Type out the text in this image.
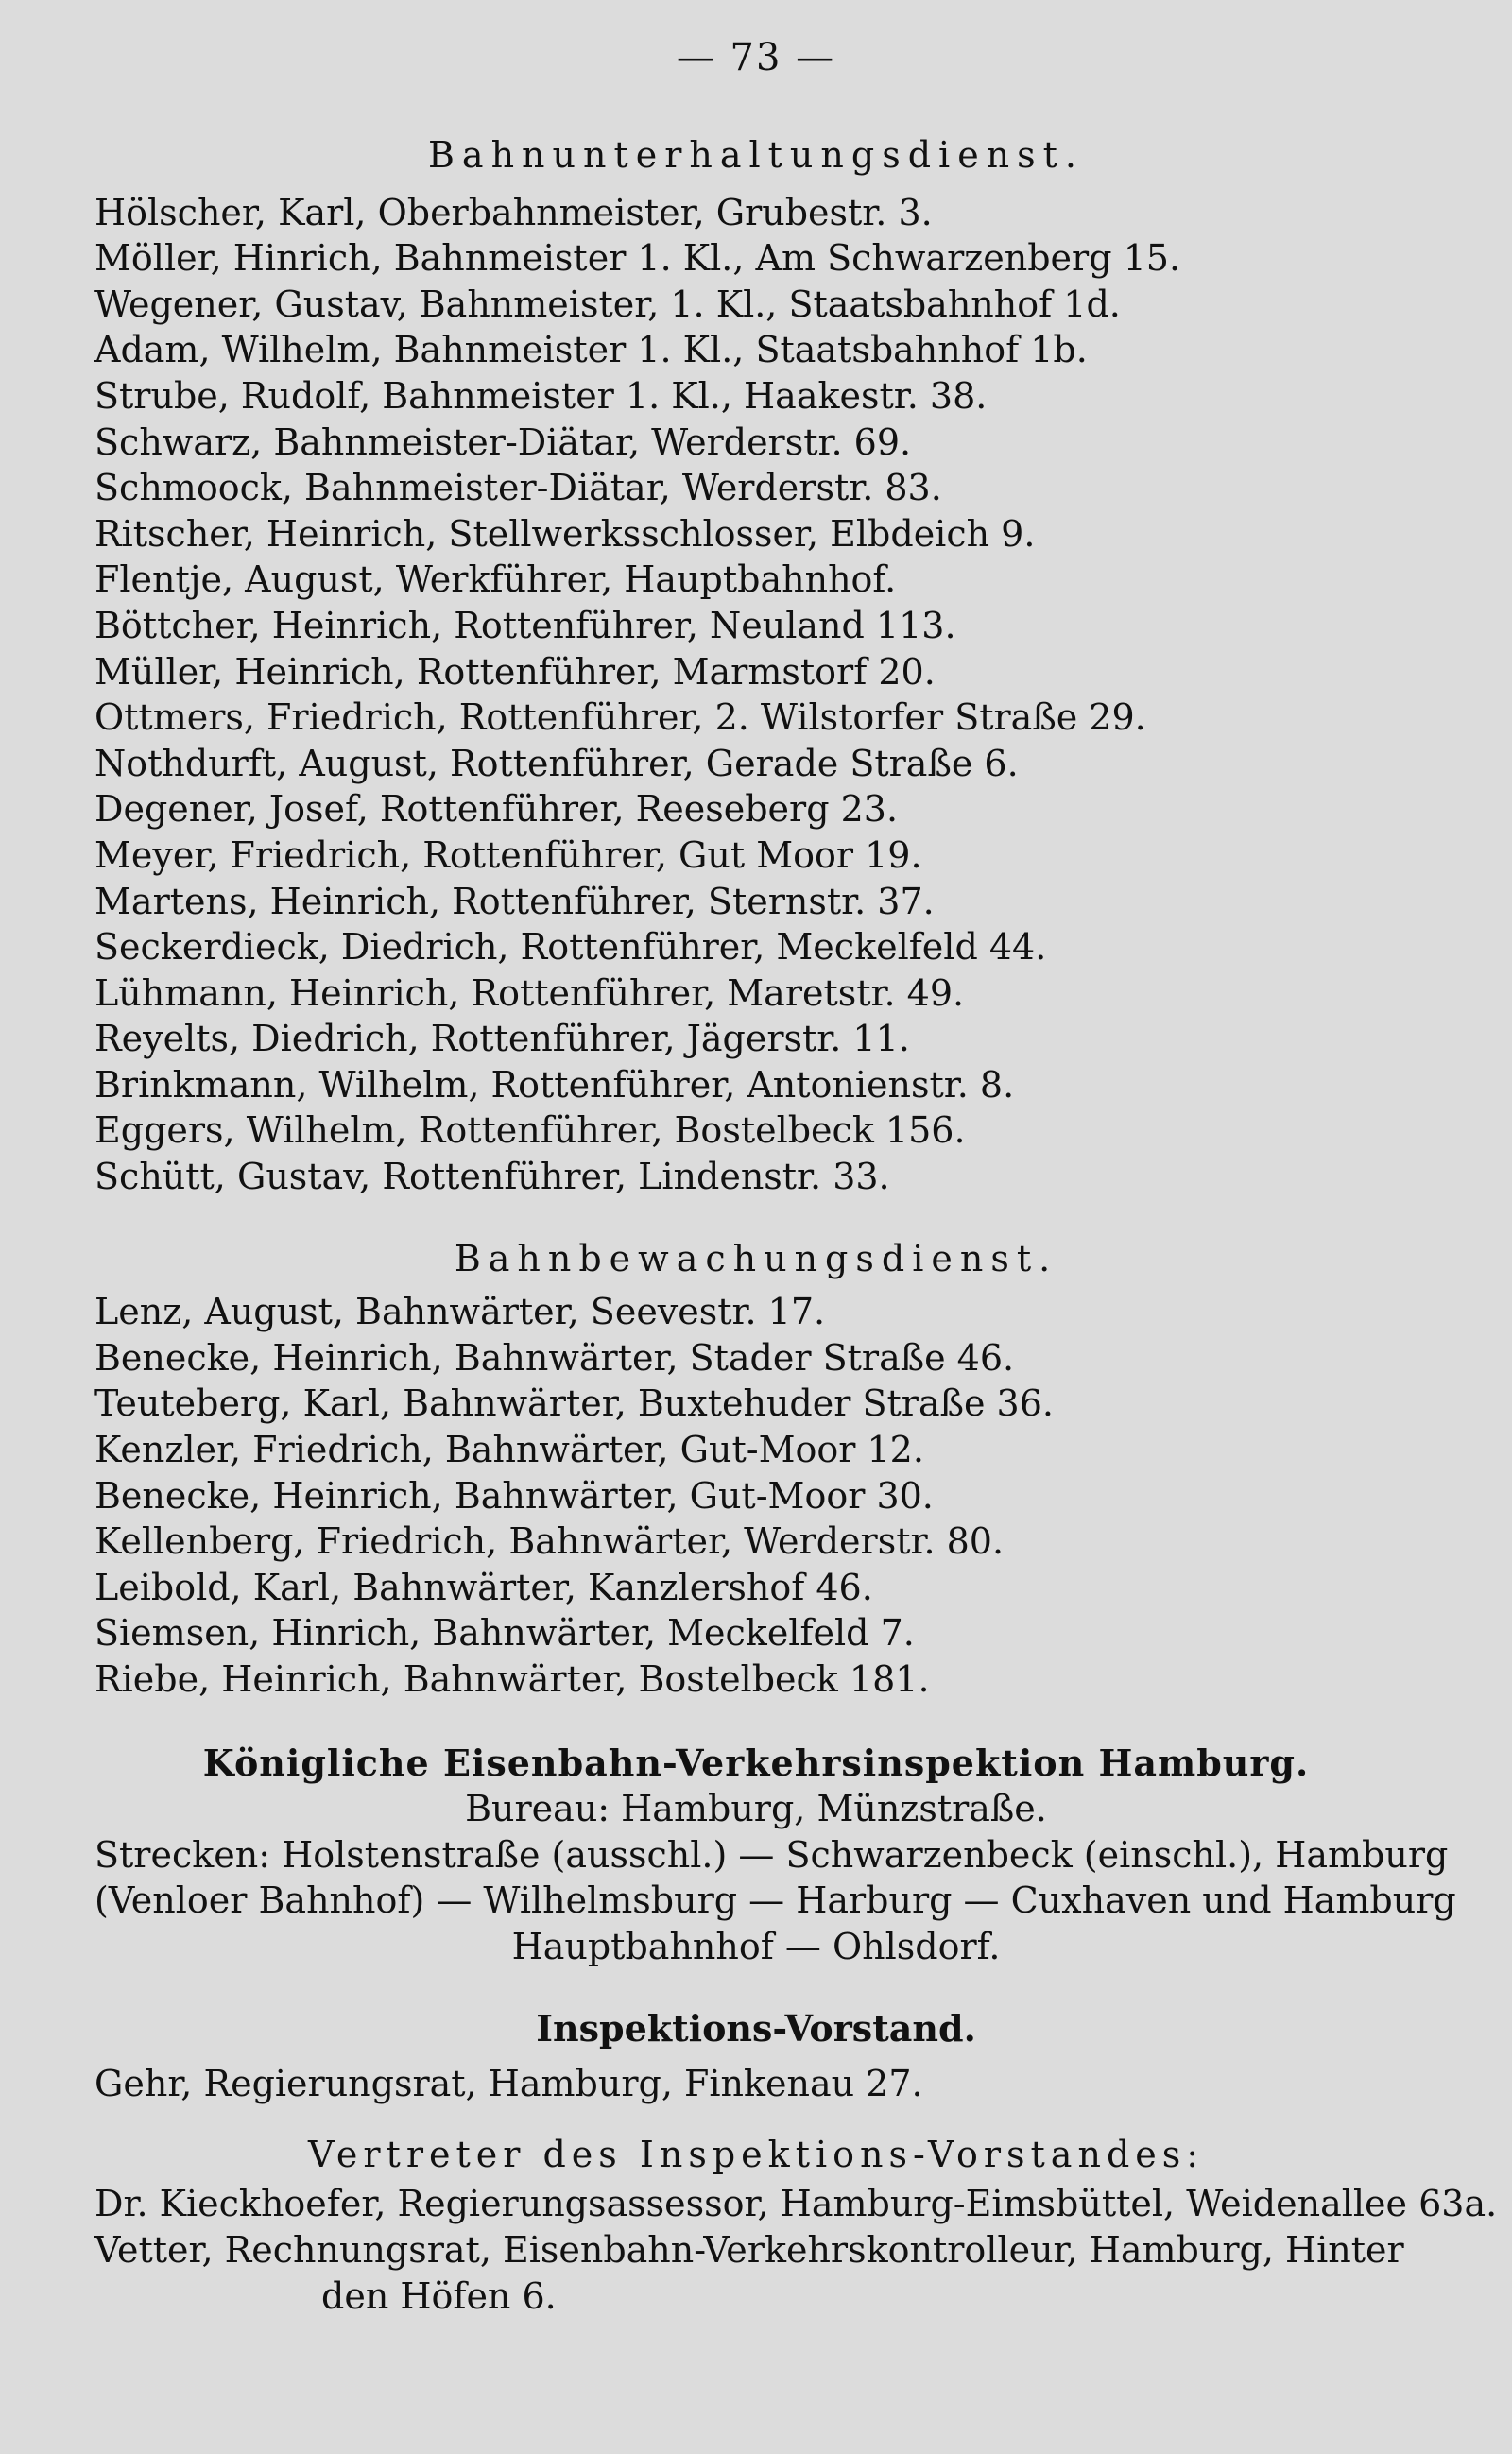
— 73 —
Bahnunterhaltungsdienst.
Hölscher, Karl, Oberbahnmeister, Grubestr. 3.
Möller, Hinrich, Bahnmeister 1. Kl., Am Schwarzenberg 15.
Wegener, Gustav, Bahnmeister, 1. Kl., Staatsbahnhof 1d.
Adam, Wilhelm, Bahnmeister 1. Kl., Staatsbahnhof 1b.
Strube, Rudolf, Bahnmeister 1. Kl., Haakestr. 38.
Schwarz, Bahnmeister-Diätar, Werderstr. 69.
Schmoock, Bahnmeister-Diätar, Werderstr. 83.
Ritscher, Heinrich, Stellwerksschlosser, Elbdeich 9.
Flentje, August, Werkführer, Hauptbahnhof.
Böttcher, Heinrich, Rottenführer, Neuland 113.
Müller, Heinrich, Rottenführer, Marmstorf 20.
Ottmers, Friedrich, Rottenführer, 2. Wilstorfer Straße 29.
Nothdurft, August, Rottenführer, Gerade Straße 6.
Degener, Josef, Rottenführer, Reeseberg 23.
Meyer, Friedrich, Rottenführer, Gut Moor 19.
Martens, Heinrich, Rottenführer, Sternstr. 37.
Seckerdieck, Diedrich, Rottenführer, Meckelfeld 44.
Lühmann, Heinrich, Rottenführer, Maretstr. 49.
Reyelts, Diedrich, Rottenführer, Jägerstr. 11.
Brinkmann, Wilhelm, Rottenführer, Antonienstr. 8.
Eggers, Wilhelm, Rottenführer, Bostelbeck 156.
Schütt, Gustav, Rottenführer, Lindenstr. 33.
Bahnbewachungsdienst.
Lenz, August, Bahnwärter, Seevestr. 17.
Benecke, Heinrich, Bahnwärter, Stader Straße 46.
Teuteberg, Karl, Bahnwärter, Buxtehuder Straße 36.
Kenzler, Friedrich, Bahnwärter, Gut-Moor 12.
Benecke, Heinrich, Bahnwärter, Gut-Moor 30.
Kellenberg, Friedrich, Bahnwärter, Werderstr. 80.
Leibold, Karl, Bahnwärter, Kanzlershof 46.
Siemsen, Hinrich, Bahnwärter, Meckelfeld 7.
Riebe, Heinrich, Bahnwärter, Bostelbeck 181.
Königliche Eisenbahn-Verkehrsinspektion Hamburg.
Bureau: Hamburg, Münzstraße.
Strecken: Holstenstraße (ausschl.) — Schwarzenbeck (einschl.), Hamburg
(Venloer Bahnhof) — Wilhelmsburg — Harburg — Cuxhaven und Hamburg
Hauptbahnhof — Ohlsdorf.
Inspektions-Vorstand.
Gehr, Regierungsrat, Hamburg, Finkenau 27.
Vertreter des Inspektions-Vorstandes:
Dr. Kieckhoefer, Regierungsassessor, Hamburg-Eimsbüttel, Weidenallee 63a.
Vetter, Rechnungsrat, Eisenbahn-Verkehrskontrolleur, Hamburg, Hinter
den Höfen 6.
